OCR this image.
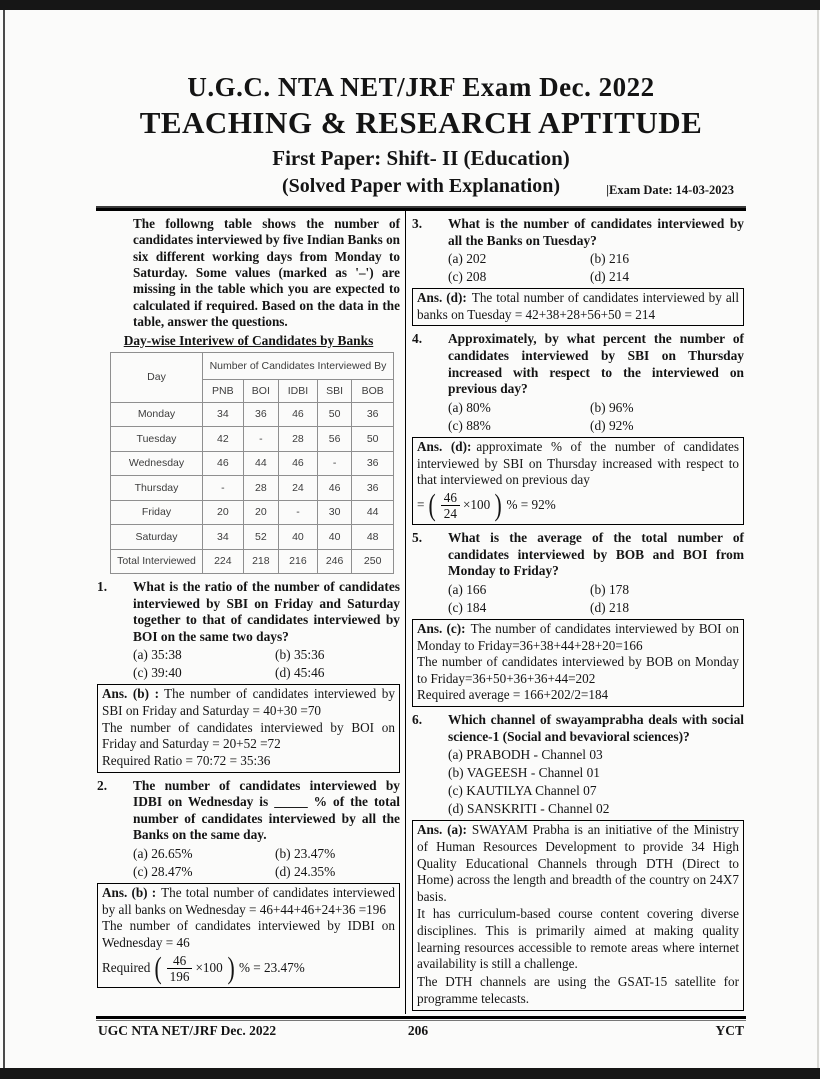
U.G.C. NTA NET/JRF Exam Dec. 2022
TEACHING & RESEARCH APTITUDE
First Paper: Shift- II (Education)
(Solved Paper with Explanation)	|Exam Date: 14-03-2023

The followng table shows the number of candidates interviewed by five Indian Banks on six different working days from Monday to Saturday. Some values (marked as '–') are missing in the table which you are expected to calculated if required. Based on the data in the table, answer the questions.

Day-wise Interivew of Candidates by Banks
Day	Number of Candidates Interviewed By				
	PNB	BOI	IDBI	SBI	BOB
Monday	34	36	46	50	36
Tuesday	42	-	28	56	50
Wednesday	46	44	46	-	36
Thursday	-	28	24	46	36
Friday	20	20	-	30	44
Saturday	34	52	40	40	48
Total Interviewed	224	218	216	246	250
1.	What is the ratio of the number of candidates interviewed by SBI on Friday and Saturday together to that of candidates interviewed by BOI on the same two days?
(a) 35:38	(b) 35:36
(c) 39:40	(d) 45:46
Ans. (b) : The number of candidates interviewed by SBI on Friday and Saturday = 40+30 =70
The number of candidates interviewed by BOI on Friday and Saturday = 20+52 =72
Required Ratio = 70:72 = 35:36
2.	The number of candidates interviewed by IDBI on Wednesday is _____ % of the total number of candidates interviewed by all the Banks on the same day.
(a) 26.65%	(b) 23.47%
(c) 28.47%	(d) 24.35%
Ans. (b) : The total number of candidates interviewed by all banks on Wednesday = 46+44+46+24+36 =196
The number of candidates interviewed by IDBI on Wednesday = 46
Required ( $\frac{46}{196} \times 100$ ) % = 23.47%
3.	What is the number of candidates interviewed by all the Banks on Tuesday?
(a) 202	(b) 216
(c) 208	(d) 214
Ans. (d): The total number of candidates interviewed by all banks on Tuesday = 42+38+28+56+50 = 214
4.	Approximately, by what percent the number of candidates interviewed by SBI on Thursday increased with respect to the interviewed on previous day?
(a) 80%	(b) 96%
(c) 88%	(d) 92%
Ans. (d): approximate % of the number of candidates interviewed by SBI on Thursday increased with respect to that interviewed on previous day
= ( $\frac{46}{24} \times 100$ ) % = 92%
5.	What is the average of the total number of candidates interviewed by BOB and BOI from Monday to Friday?
(a) 166	(b) 178
(c) 184	(d) 218
Ans. (c): The number of candidates interviewed by BOI on Monday to Friday=36+38+44+28+20=166
The number of candidates interviewed by BOB on Monday to Friday=36+50+36+36+44=202
Required average = 166+202/2=184
6.	Which channel of swayamprabha deals with social science-1 (Social and bevavioral sciences)?
(a) PRABODH - Channel 03
(b) VAGEESH - Channel 01
(c) KAUTILYA Channel 07
(d) SANSKRITI - Channel 02
Ans. (a): SWAYAM Prabha is an initiative of the Ministry of Human Resources Development to provide 34 High Quality Educational Channels through DTH (Direct to Home) across the length and breadth of the country on 24X7 basis.
It has curriculum-based course content covering diverse disciplines. This is primarily aimed at making quality learning resources accessible to remote areas where internet availability is still a challenge.
The DTH channels are using the GSAT-15 satellite for programme telecasts.
UGC NTA NET/JRF Dec. 2022	206	YCT
